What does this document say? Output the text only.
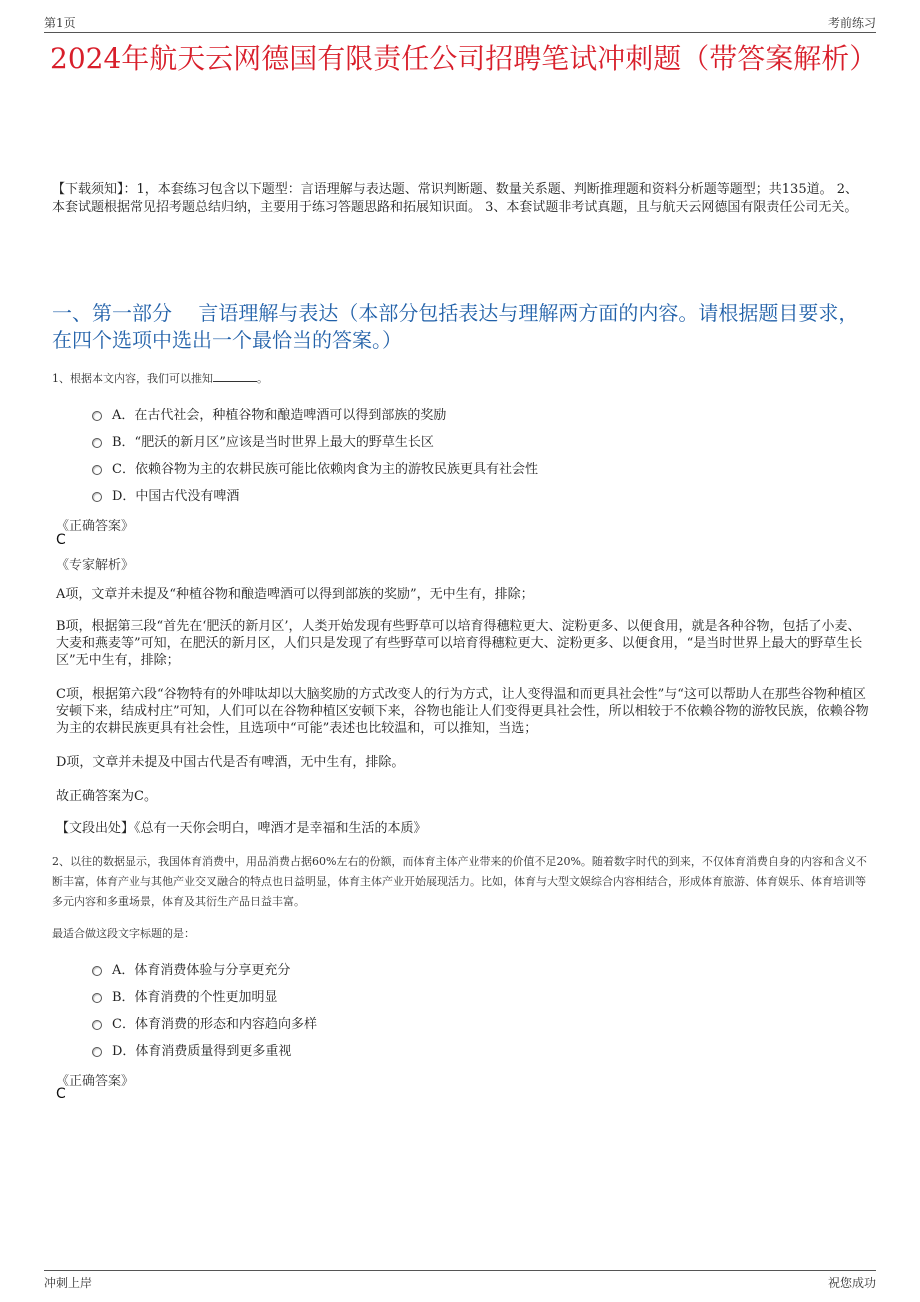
第1页	考前练习
2024年航天云网德国有限责任公司招聘笔试冲刺题（带答案解析）
【下载须知】：1，本套练习包含以下题型：言语理解与表达题、常识判断题、数量关系题、判断推理题和资料分析题等题型；共135道。 2、本套试题根据常见招考题总结归纳，主要用于练习答题思路和拓展知识面。 3、本套试题非考试真题，且与航天云网德国有限责任公司无关。
一、第一部分　 言语理解与表达（本部分包括表达与理解两方面的内容。请根据题目要求，在四个选项中选出一个最恰当的答案。）
1、根据本文内容，我们可以推知	。
A．在古代社会，种植谷物和酿造啤酒可以得到部族的奖励
B．“肥沃的新月区”应该是当时世界上最大的野草生长区
C．依赖谷物为主的农耕民族可能比依赖肉食为主的游牧民族更具有社会性
D．中国古代没有啤酒
《正确答案》
C
《专家解析》
A项，文章并未提及“种植谷物和酿造啤酒可以得到部族的奖励”，无中生有，排除；
B项，根据第三段“首先在‘肥沃的新月区’，人类开始发现有些野草可以培育得穗粒更大、淀粉更多、以便食用，就是各种谷物，包括了小麦、大麦和燕麦等”可知，在肥沃的新月区，人们只是发现了有些野草可以培育得穗粒更大、淀粉更多、以便食用，“是当时世界上最大的野草生长区”无中生有，排除；
C项，根据第六段“谷物特有的外啡呔却以大脑奖励的方式改变人的行为方式，让人变得温和而更具社会性”与“这可以帮助人在那些谷物种植区安顿下来，结成村庄”可知，人们可以在谷物种植区安顿下来，谷物也能让人们变得更具社会性，所以相较于不依赖谷物的游牧民族，依赖谷物为主的农耕民族更具有社会性，且选项中“可能”表述也比较温和，可以推知，当选；
D项，文章并未提及中国古代是否有啤酒，无中生有，排除。
故正确答案为C。
【文段出处】《总有一天你会明白，啤酒才是幸福和生活的本质》
2、以往的数据显示，我国体育消费中，用品消费占据60%左右的份额，而体育主体产业带来的价值不足20%。随着数字时代的到来，不仅体育消费自身的内容和含义不断丰富，体育产业与其他产业交叉融合的特点也日益明显，体育主体产业开始展现活力。比如，体育与大型文娱综合内容相结合，形成体育旅游、体育娱乐、体育培训等多元内容和多重场景，体育及其衍生产品日益丰富。
最适合做这段文字标题的是：
A．体育消费体验与分享更充分
B．体育消费的个性更加明显
C．体育消费的形态和内容趋向多样
D．体育消费质量得到更多重视
《正确答案》
C
冲刺上岸	祝您成功
